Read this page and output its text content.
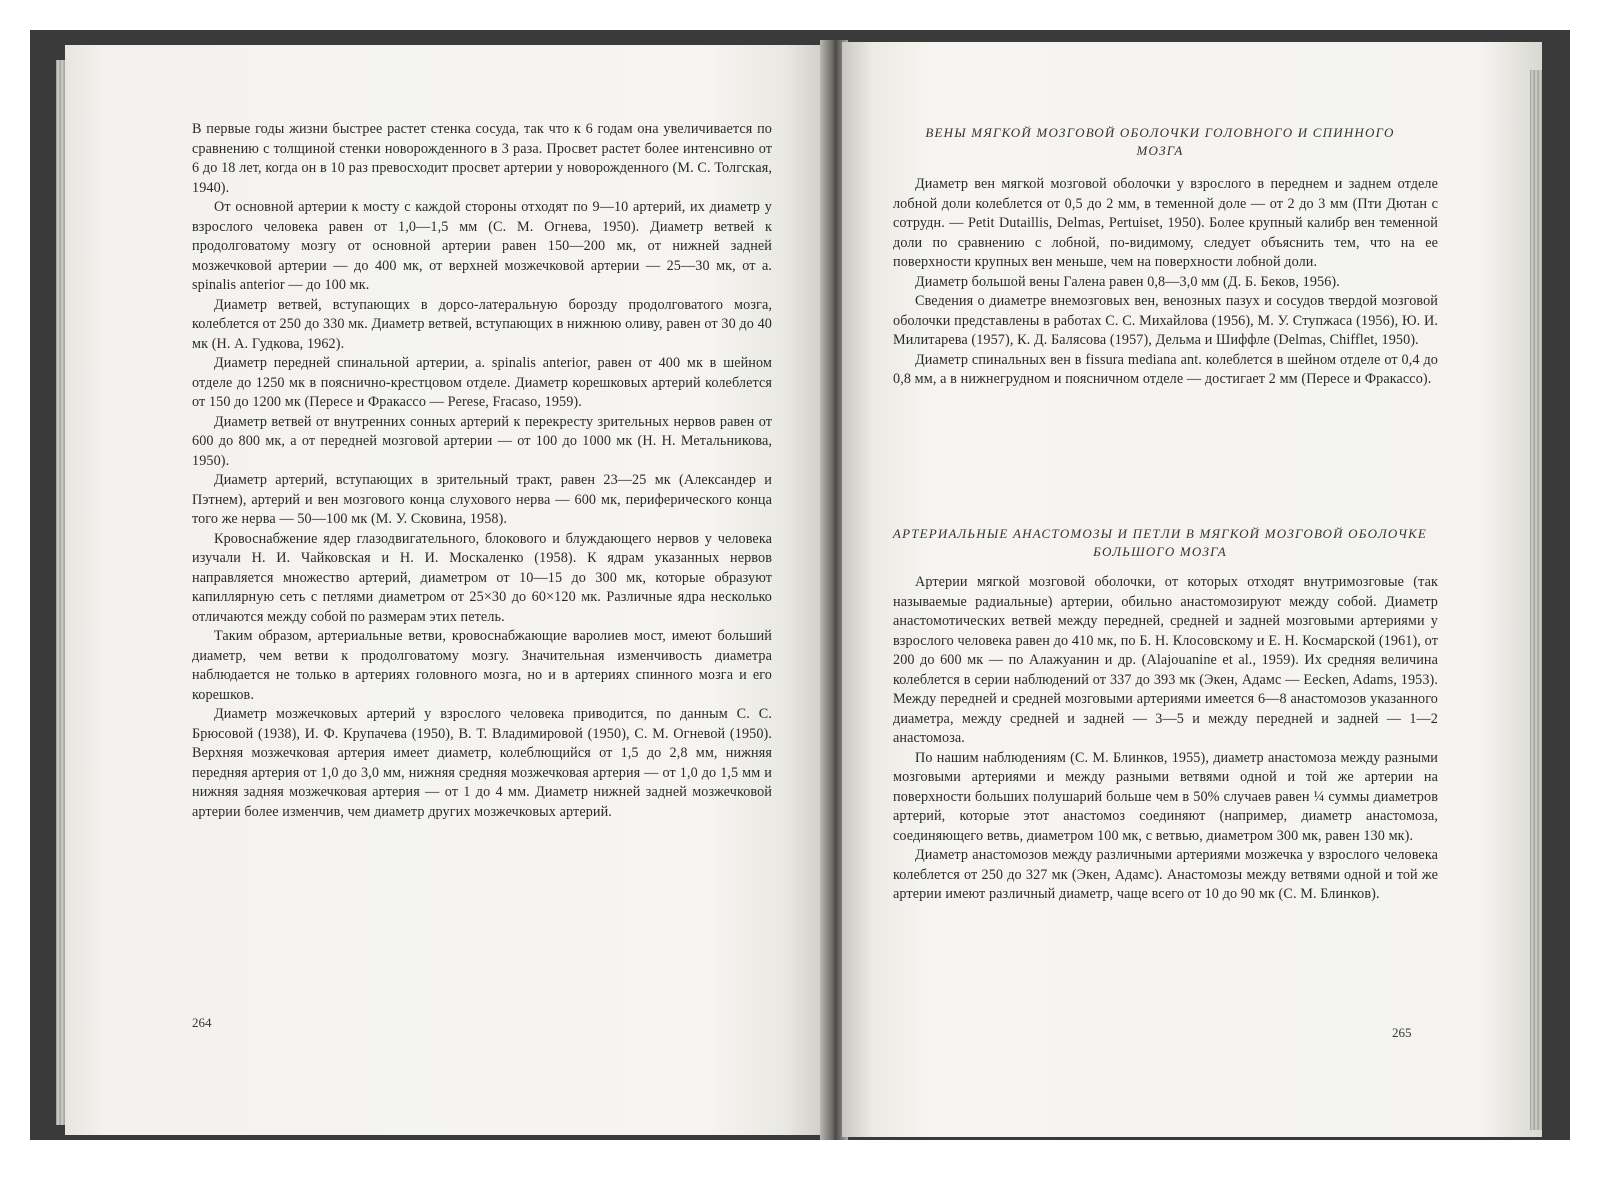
В первые годы жизни быстрее растет стенка сосуда, так что к 6 годам она увеличивается по сравнению с толщиной стенки новорожденного в 3 раза. Просвет растет более интенсивно от 6 до 18 лет, когда он в 10 раз превосходит просвет артерии у новорожденного (М. С. Толгская, 1940).

От основной артерии к мосту с каждой стороны отходят по 9—10 артерий, их диаметр у взрослого человека равен от 1,0—1,5 мм (С. М. Огнева, 1950). Диаметр ветвей к продолговатому мозгу от основной артерии равен 150—200 мк, от нижней задней мозжечковой артерии — до 400 мк, от верхней мозжечковой артерии — 25—30 мк, от a. spinalis anterior — до 100 мк.

Диаметр ветвей, вступающих в дорсо-латеральную борозду продолговатого мозга, колеблется от 250 до 330 мк. Диаметр ветвей, вступающих в нижнюю оливу, равен от 30 до 40 мк (Н. А. Гудкова, 1962).

Диаметр передней спинальной артерии, a. spinalis anterior, равен от 400 мк в шейном отделе до 1250 мк в пояснично-крестцовом отделе. Диаметр корешковых артерий колеблется от 150 до 1200 мк (Пересе и Фракассо — Perese, Fracaso, 1959).

Диаметр ветвей от внутренних сонных артерий к перекресту зрительных нервов равен от 600 до 800 мк, а от передней мозговой артерии — от 100 до 1000 мк (Н. Н. Метальникова, 1950).

Диаметр артерий, вступающих в зрительный тракт, равен 23—25 мк (Александер и Пэтнем), артерий и вен мозгового конца слухового нерва — 600 мк, периферического конца того же нерва — 50—100 мк (М. У. Сковина, 1958).

Кровоснабжение ядер глазодвигательного, блокового и блуждающего нервов у человека изучали Н. И. Чайковская и Н. И. Москаленко (1958). К ядрам указанных нервов направляется множество артерий, диаметром от 10—15 до 300 мк, которые образуют капиллярную сеть с петлями диаметром от 25×30 до 60×120 мк. Различные ядра несколько отличаются между собой по размерам этих петель.

Таким образом, артериальные ветви, кровоснабжающие варолиев мост, имеют больший диаметр, чем ветви к продолговатому мозгу. Значительная изменчивость диаметра наблюдается не только в артериях головного мозга, но и в артериях спинного мозга и его корешков.

Диаметр мозжечковых артерий у взрослого человека приводится, по данным С. С. Брюсовой (1938), И. Ф. Крупачева (1950), В. Т. Владимировой (1950), С. М. Огневой (1950). Верхняя мозжечковая артерия имеет диаметр, колеблющийся от 1,5 до 2,8 мм, нижняя передняя артерия от 1,0 до 3,0 мм, нижняя средняя мозжечковая артерия — от 1,0 до 1,5 мм и нижняя задняя мозжечковая артерия — от 1 до 4 мм. Диаметр нижней задней мозжечковой артерии более изменчив, чем диаметр других мозжечковых артерий.

264
ВЕНЫ МЯГКОЙ МОЗГОВОЙ ОБОЛОЧКИ ГОЛОВНОГО И СПИННОГО МОЗГА

Диаметр вен мягкой мозговой оболочки у взрослого в переднем и заднем отделе лобной доли колеблется от 0,5 до 2 мм, в теменной доле — от 2 до 3 мм (Пти Дютан с сотрудн. — Petit Dutaillis, Delmas, Pertuiset, 1950). Более крупный калибр вен теменной доли по сравнению с лобной, по-видимому, следует объяснить тем, что на ее поверхности крупных вен меньше, чем на поверхности лобной доли.

Диаметр большой вены Галена равен 0,8—3,0 мм (Д. Б. Беков, 1956).

Сведения о диаметре внемозговых вен, венозных пазух и сосудов твердой мозговой оболочки представлены в работах С. С. Михайлова (1956), М. У. Ступжаса (1956), Ю. И. Милитарева (1957), К. Д. Балясова (1957), Дельма и Шиффле (Delmas, Chifflet, 1950).

Диаметр спинальных вен в fissura mediana ant. колеблется в шейном отделе от 0,4 до 0,8 мм, а в нижнегрудном и поясничном отделе — достигает 2 мм (Пересе и Фракассо).

АРТЕРИАЛЬНЫЕ АНАСТОМОЗЫ И ПЕТЛИ В МЯГКОЙ МОЗГОВОЙ ОБОЛОЧКЕ БОЛЬШОГО МОЗГА

Артерии мягкой мозговой оболочки, от которых отходят внутримозговые (так называемые радиальные) артерии, обильно анастомозируют между собой. Диаметр анастомотических ветвей между передней, средней и задней мозговыми артериями у взрослого человека равен до 410 мк, по Б. Н. Клосовскому и Е. Н. Космарской (1961), от 200 до 600 мк — по Алажуанин и др. (Alajouanine et al., 1959). Их средняя величина колеблется в серии наблюдений от 337 до 393 мк (Экен, Адамс — Eecken, Adams, 1953). Между передней и средней мозговыми артериями имеется 6—8 анастомозов указанного диаметра, между средней и задней — 3—5 и между передней и задней — 1—2 анастомоза.

По нашим наблюдениям (С. М. Блинков, 1955), диаметр анастомоза между разными мозговыми артериями и между разными ветвями одной и той же артерии на поверхности больших полушарий больше чем в 50% случаев равен ¼ суммы диаметров артерий, которые этот анастомоз соединяют (например, диаметр анастомоза, соединяющего ветвь, диаметром 100 мк, с ветвью, диаметром 300 мк, равен 130 мк).

Диаметр анастомозов между различными артериями мозжечка у взрослого человека колеблется от 250 до 327 мк (Экен, Адамс). Анастомозы между ветвями одной и той же артерии имеют различный диаметр, чаще всего от 10 до 90 мк (С. М. Блинков).

265
